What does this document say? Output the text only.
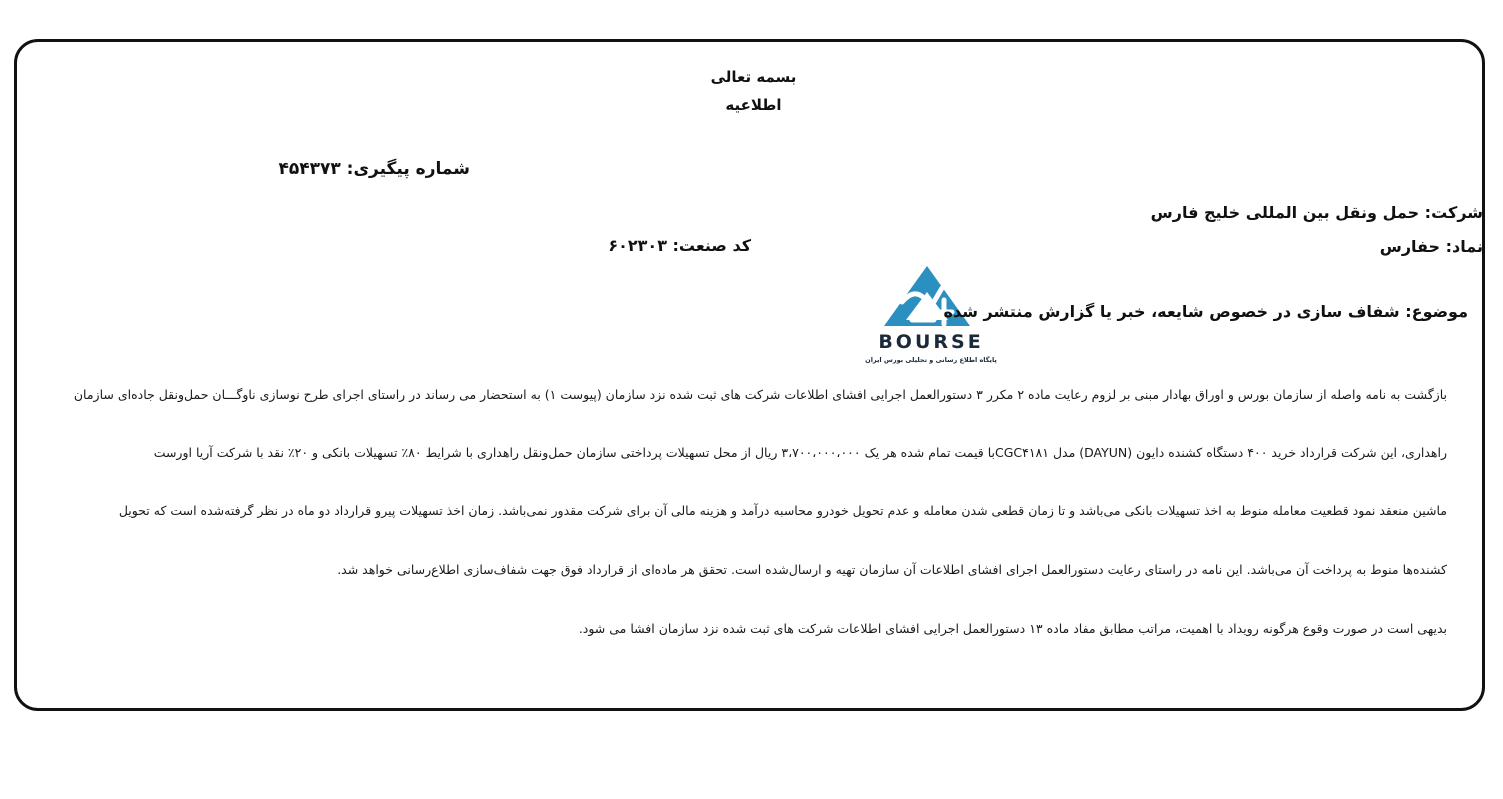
بسمه تعالی
اطلاعیه
شماره پیگیری: ۴۵۴۳۷۳
شرکت: حمل ونقل بین المللی خلیج فارس
نماد: حفارس
کد صنعت: ۶۰۲۳۰۳
BOURSE
پایگاه اطلاع رسانی و تحلیلی بورس ایران
موضوع: شفاف سازی در خصوص شایعه، خبر یا گزارش منتشر شده
بازگشت به نامه واصله از سازمان بورس و اوراق بهادار مبنی بر لزوم رعایت ماده ۲ مکرر ۳ دستورالعمل اجرایی افشای اطلاعات شرکت های ثبت شده نزد سازمان (پیوست ۱) به استحضار می رساند در راستای اجرای طرح نوسازی ناوگـــان حمل‌ونقل جاده‌ای سازمان
راهداری، این شرکت قرارداد خرید ۴۰۰ دستگاه کشنده دایون (DAYUN) مدل CGC۴۱۸۱با قیمت تمام شده هر یک ۳،۷۰۰،۰۰۰،۰۰۰ ریال از محل تسهیلات پرداختی سازمان حمل‌ونقل راهداری با شرایط ۸۰٪ تسهیلات بانکی و ۲۰٪ نقد با شرکت آریا اورست
ماشین منعقد نمود قطعیت معامله منوط به اخذ تسهیلات بانکی می‌باشد و تا زمان قطعی شدن معامله و عدم تحویل خودرو محاسبه درآمد و هزینه مالی آن برای شرکت مقدور نمی‌باشد. زمان اخذ تسهیلات پیرو قرارداد دو ماه در نظر گرفته‌شده است که تحویل
کشنده‌ها منوط به پرداخت آن می‌باشد. این نامه در راستای رعایت دستورالعمل اجرای افشای اطلاعات آن سازمان تهیه و ارسال‌شده است. تحقق هر ماده‌ای از قرارداد فوق جهت شفاف‌سازی اطلاع‌رسانی خواهد شد.
بدیهی است در صورت وقوع هرگونه رویداد با اهمیت، مراتب مطابق مفاد ماده ۱۳ دستورالعمل اجرایی افشای اطلاعات شرکت های ثبت شده نزد سازمان افشا می شود.
